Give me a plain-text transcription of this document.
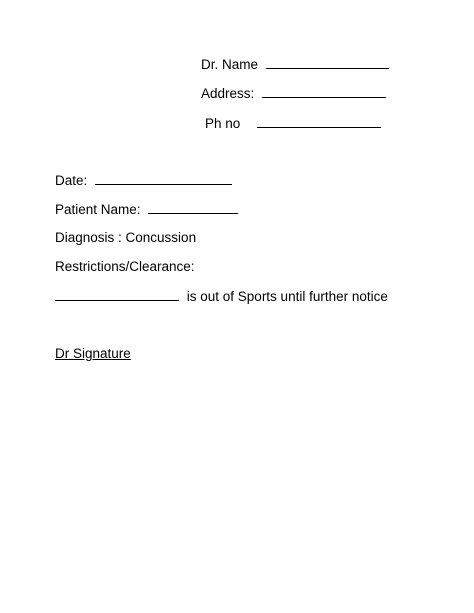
Dr. Name
Address:
Ph no
Date:
Patient Name:
Diagnosis : Concussion
Restrictions/Clearance:
is out of Sports until further notice
Dr Signature
